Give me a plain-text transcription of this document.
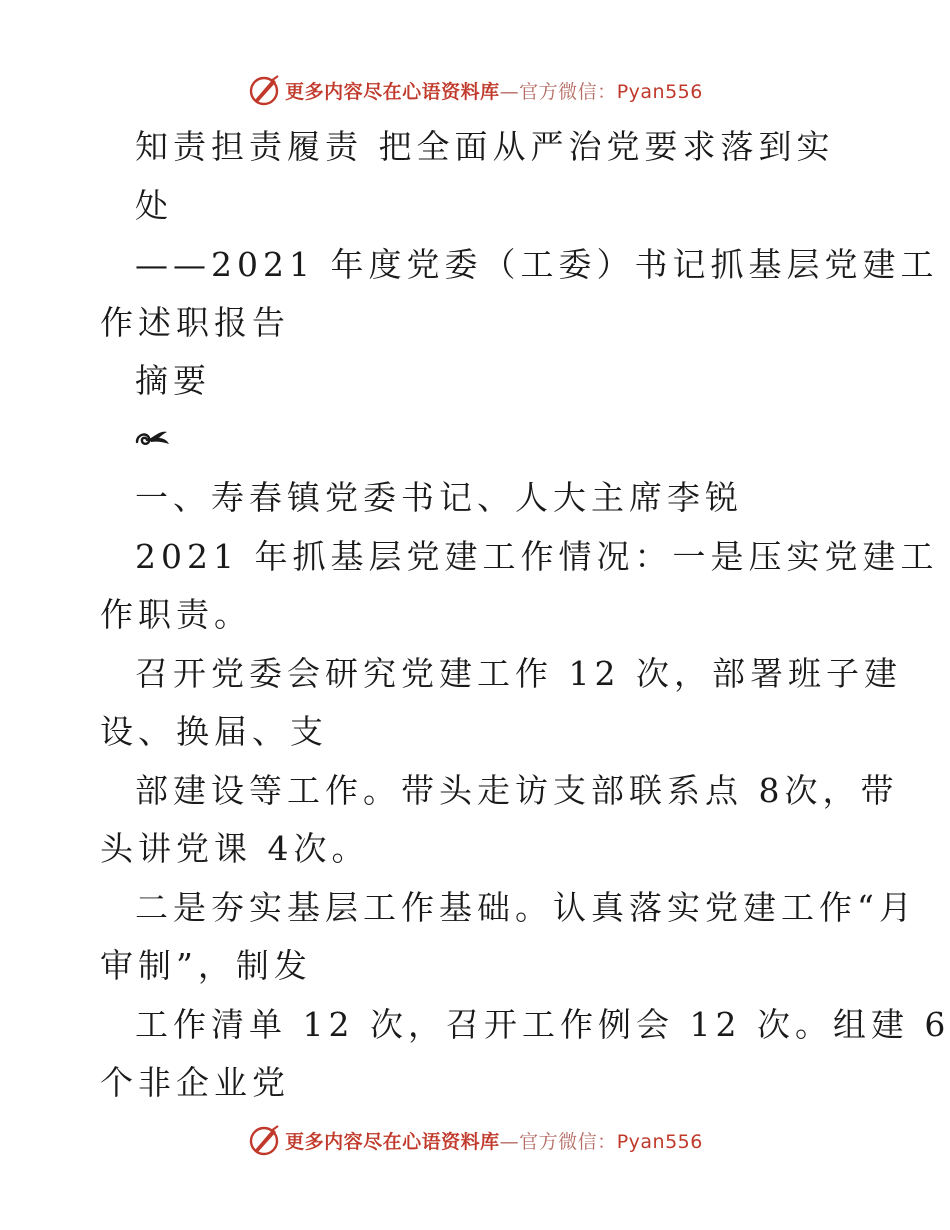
更多内容尽在心语资料库—官方微信：Pyan556
知责担责履责 把全面从严治党要求落到实
处
——2021 年度党委（工委）书记抓基层党建工
作述职报告
摘要
一、寿春镇党委书记、人大主席李锐
2021 年抓基层党建工作情况：一是压实党建工
作职责。
召开党委会研究党建工作 12 次，部署班子建
设、换届、支
部建设等工作。带头走访支部联系点 8次，带
头讲党课 4次。
二是夯实基层工作基础。认真落实党建工作“月
审制”，制发
工作清单 12 次，召开工作例会 12 次。组建 6
个非企业党
更多内容尽在心语资料库—官方微信：Pyan556
